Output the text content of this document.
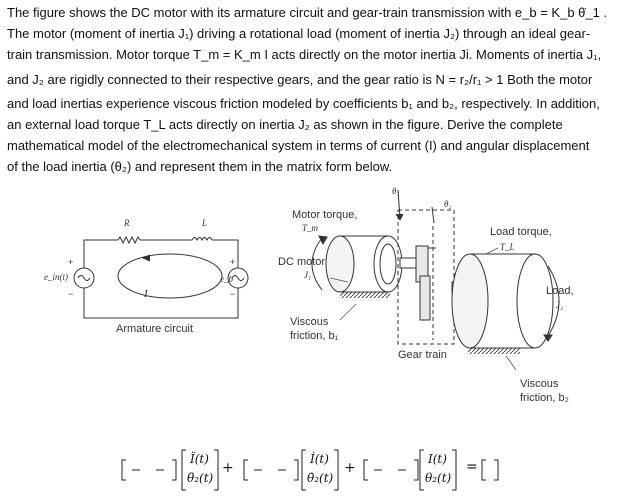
The figure shows the DC motor with its armature circuit and gear-train transmission with e_b = K_b θ̇_1 .

The motor (moment of inertia J₁) driving a rotational load (moment of inertia J₂) through an ideal gear-

train transmission. Motor torque T_m = K_m I acts directly on the motor inertia Ji. Moments of inertia J₁,

and J₂ are rigidly connected to their respective gears, and the gear ratio is N = r₂/r₁ > 1 Both the motor

and load inertias experience viscous friction modeled by coefficients b₁ and b₂, respectively. In addition,

an external load torque T_L acts directly on inertia J₂ as shown in the figure. Derive the complete

mathematical model of the electromechanical system in terms of current (I) and angular displacement

of the load inertia (θ₂) and represent them in the matrix form below.

R	L
+
−
e_in(t)
+
−
e_b
I
Armature circuit
Motor torque,
T_m
DC motor,
J₁
Viscous
friction, b₁
Gear train
θ₁
θ₂
Load torque,
T_L
Load,
J₂
Viscous
friction, b₂
Ï(t)
θ̈₂(t)
+
İ(t)
θ̇₂(t)
+
I(t)
θ₂(t)
=
